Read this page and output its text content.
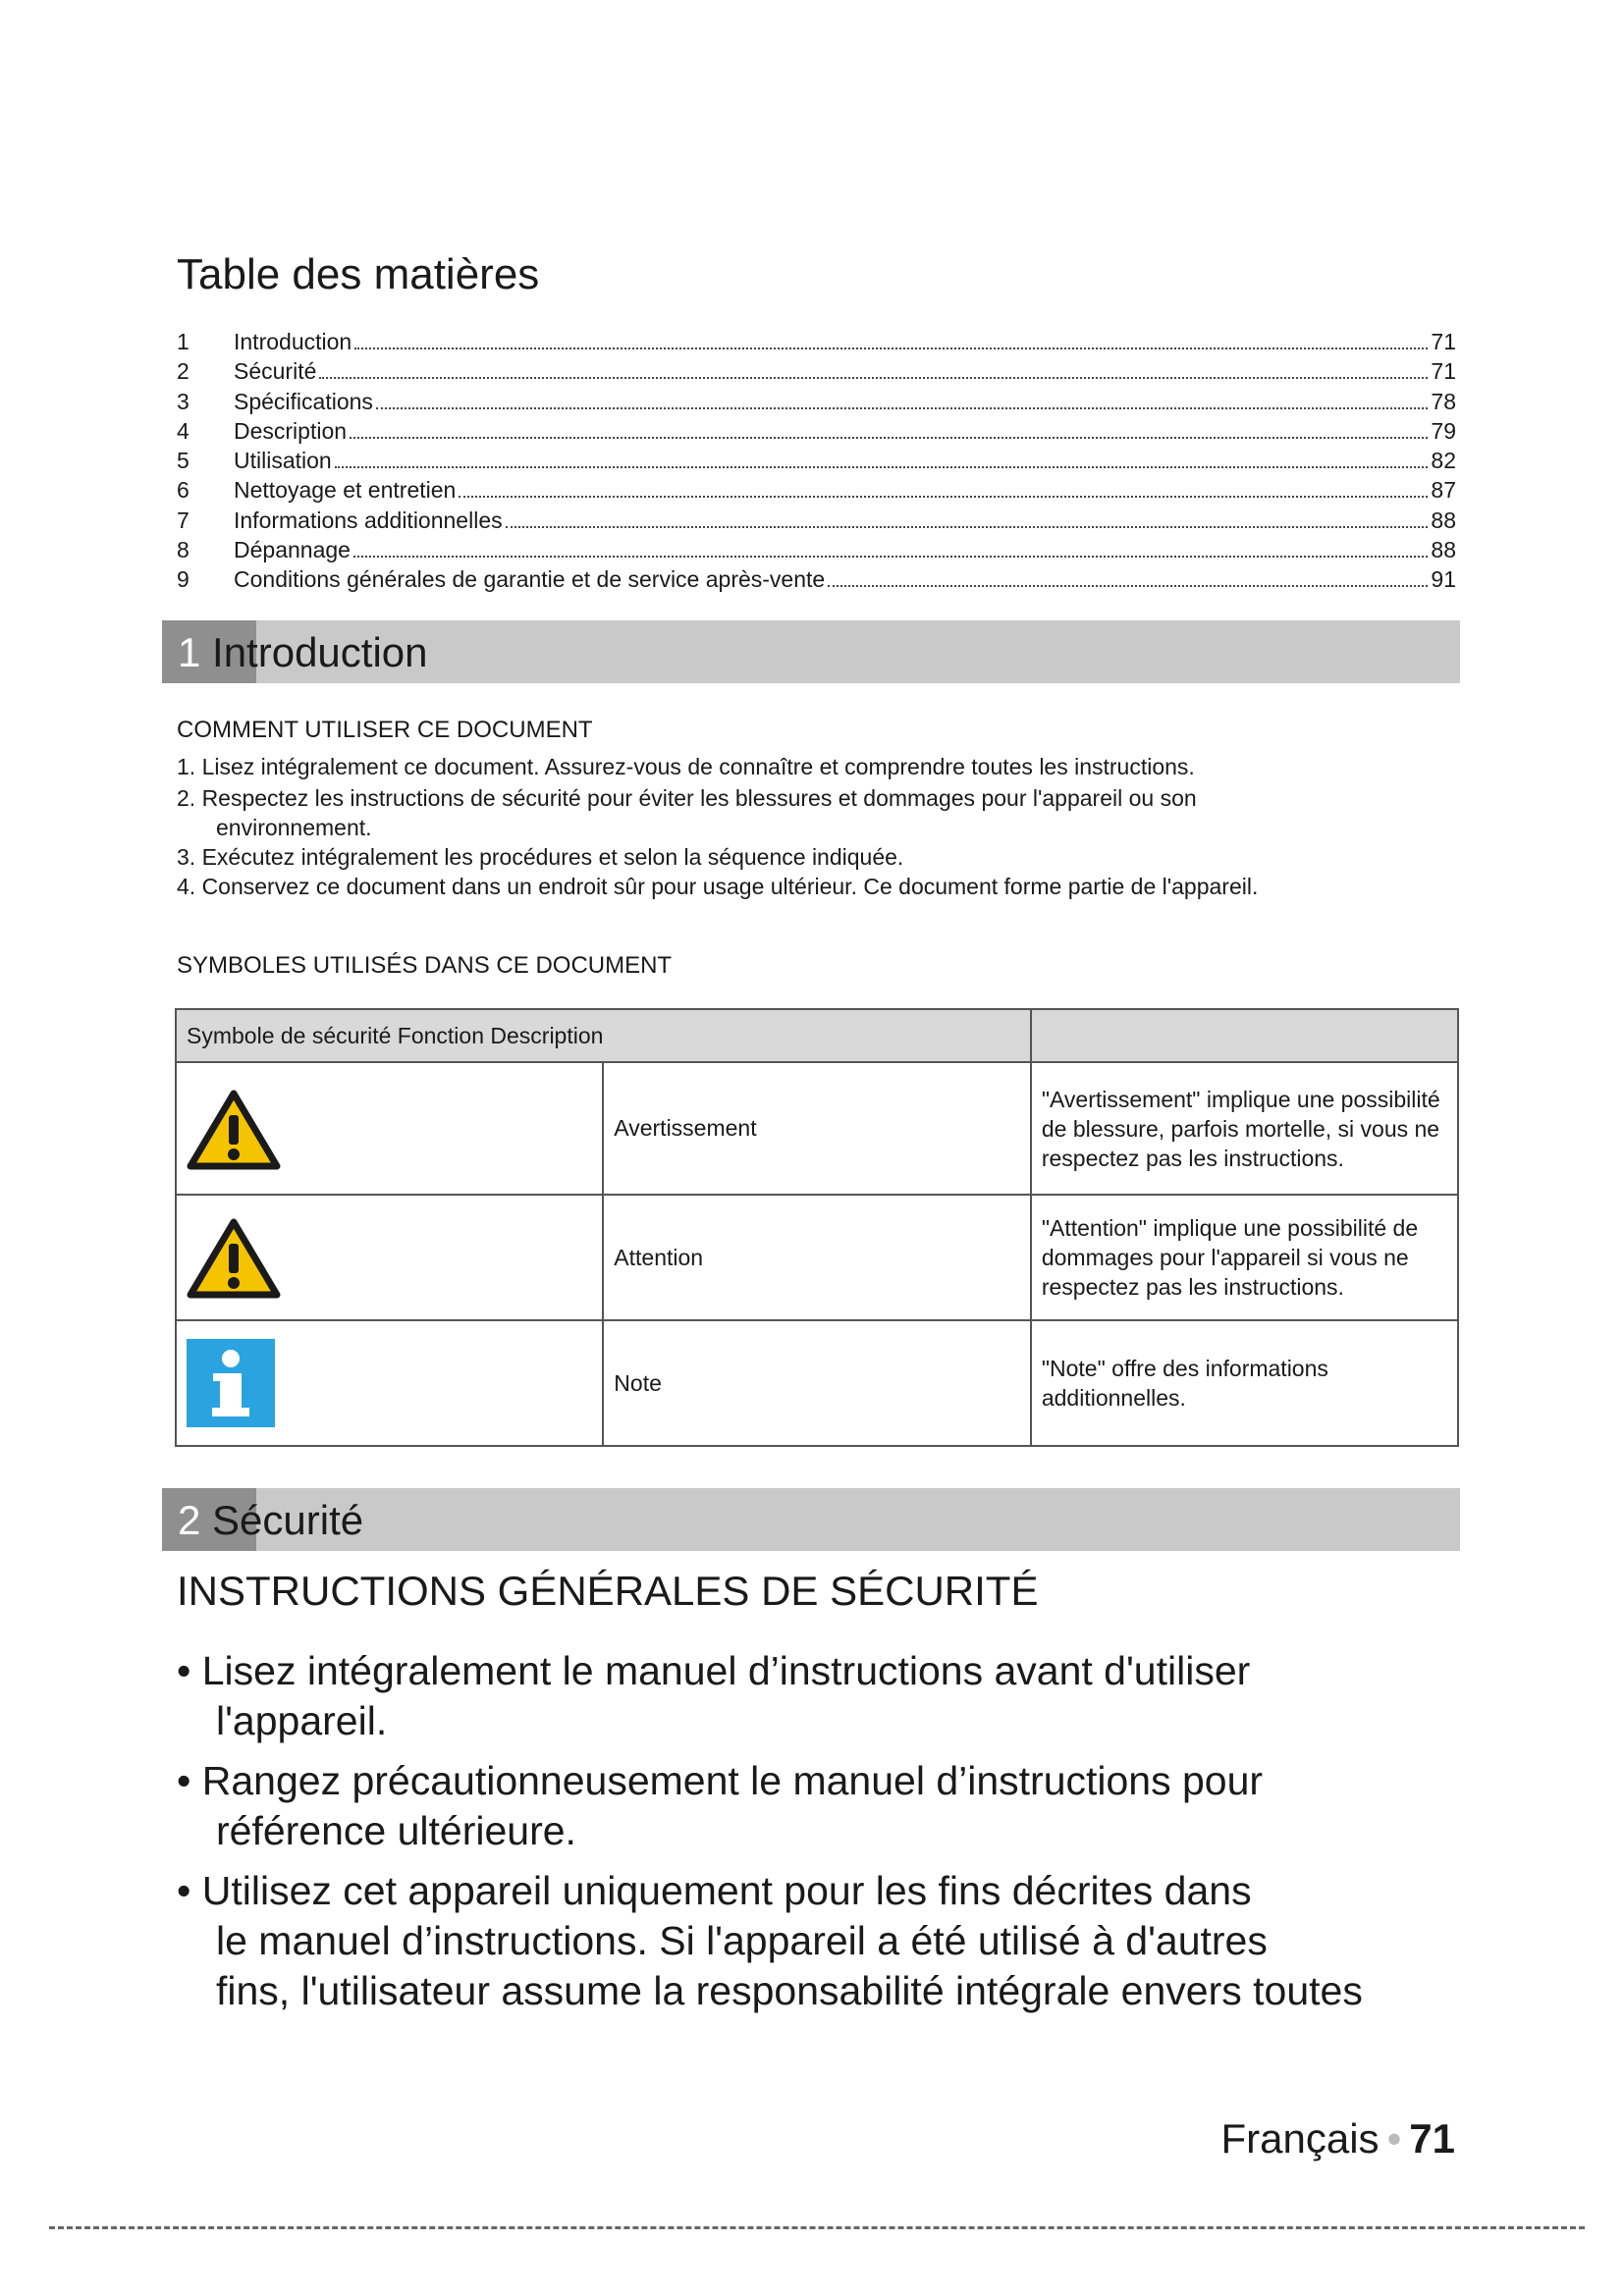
Table des matières
1	Introduction	71
2	Sécurité	71
3	Spécifications	78
4	Description	79
5	Utilisation	82
6	Nettoyage et entretien	87
7	Informations additionnelles	88
8	Dépannage	88
9	Conditions générales de garantie et de service après-vente	91
1 Introduction
COMMENT UTILISER CE DOCUMENT

1. Lisez intégralement ce document. Assurez-vous de connaître et comprendre toutes les instructions.

2. Respectez les instructions de sécurité pour éviter les blessures et dommages pour l'appareil ou son
environnement.

3. Exécutez intégralement les procédures et selon la séquence indiquée.

4. Conservez ce document dans un endroit sûr pour usage ultérieur. Ce document forme partie de l'appareil.

SYMBOLES UTILISÉS DANS CE DOCUMENT
Symbole de sécurité Fonction Description		

	Avertissement	"Avertissement" implique une possibilité de blessure, parfois mortelle, si vous ne respectez pas les instructions.

	Attention	"Attention" implique une possibilité de dommages pour l'appareil si vous ne respectez pas les instructions.

	Note	"Note" offre des informations additionnelles.
2 Sécurité
INSTRUCTIONS GÉNÉRALES DE SÉCURITÉ

• Lisez intégralement le manuel d’instructions avant d'utiliser
l'appareil.

• Rangez précautionneusement le manuel d’instructions pour
référence ultérieure.

• Utilisez cet appareil uniquement pour les fins décrites dans
le manuel d’instructions. Si l'appareil a été utilisé à d'autres
fins, l'utilisateur assume la responsabilité intégrale envers toutes

Français • 71
